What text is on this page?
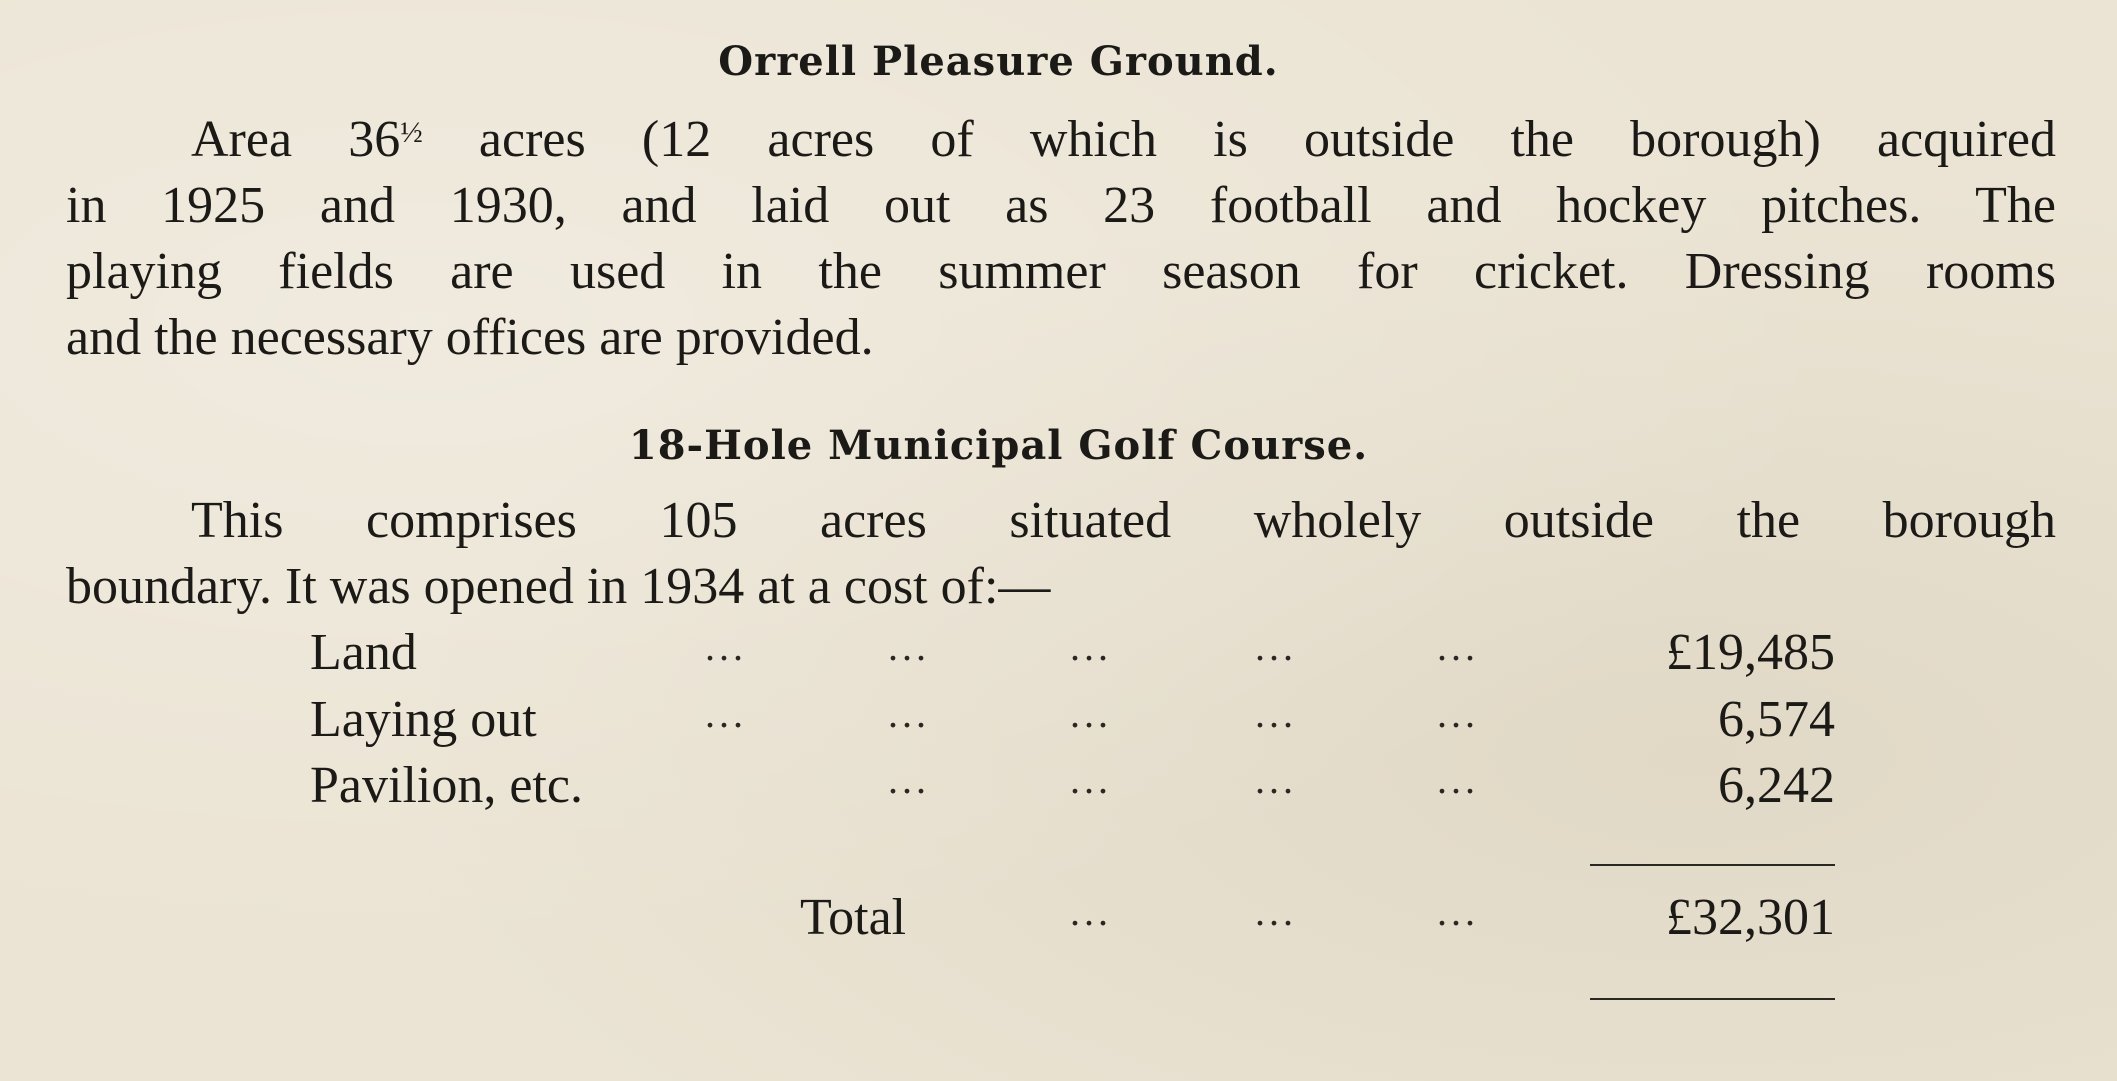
Orrell Pleasure Ground.

Area $36^{\frac{1}{2}}$ acres (12 acres of which is outside the borough) acquired
in 1925 and 1930, and laid out as 23 football and hockey pitches. The
playing fields are used in the summer season for cricket. Dressing rooms
and the necessary offices are provided.

18-Hole Municipal Golf Course.

This comprises 105 acres situated wholely outside the borough
boundary. It was opened in 1934 at a cost of:—

Land	...	...	...	...	...	£19,485
Laying out	...	...	...	...	...	6,574
Pavilion, etc.	...	...	...	...	6,242
Total	...	...	...	£32,301
